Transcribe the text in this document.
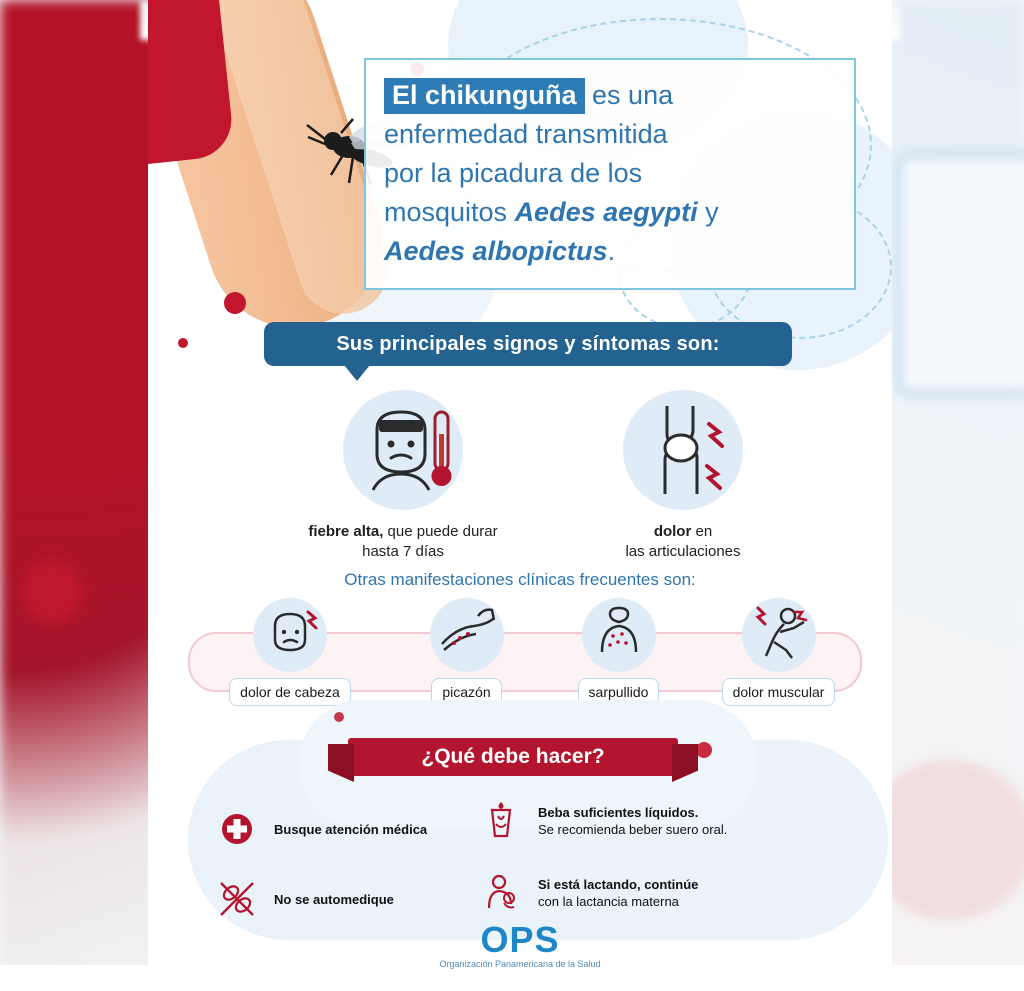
El chikunguña es una
enfermedad transmitida
por la picadura de los
mosquitos Aedes aegypti y
Aedes albopictus.

Sus principales signos y síntomas son:
fiebre alta, que puede durar
hasta 7 días
dolor en
las articulaciones
Otras manifestaciones clínicas frecuentes son:
dolor de cabeza	picazón	sarpullido	dolor muscular
¿Qué debe hacer?
Busque atención médica
Beba suficientes líquidos.
Se recomienda beber suero oral.
No se automedique
Si está lactando, continúe
con la lactancia materna
OPS
Organización Panamericana de la Salud
